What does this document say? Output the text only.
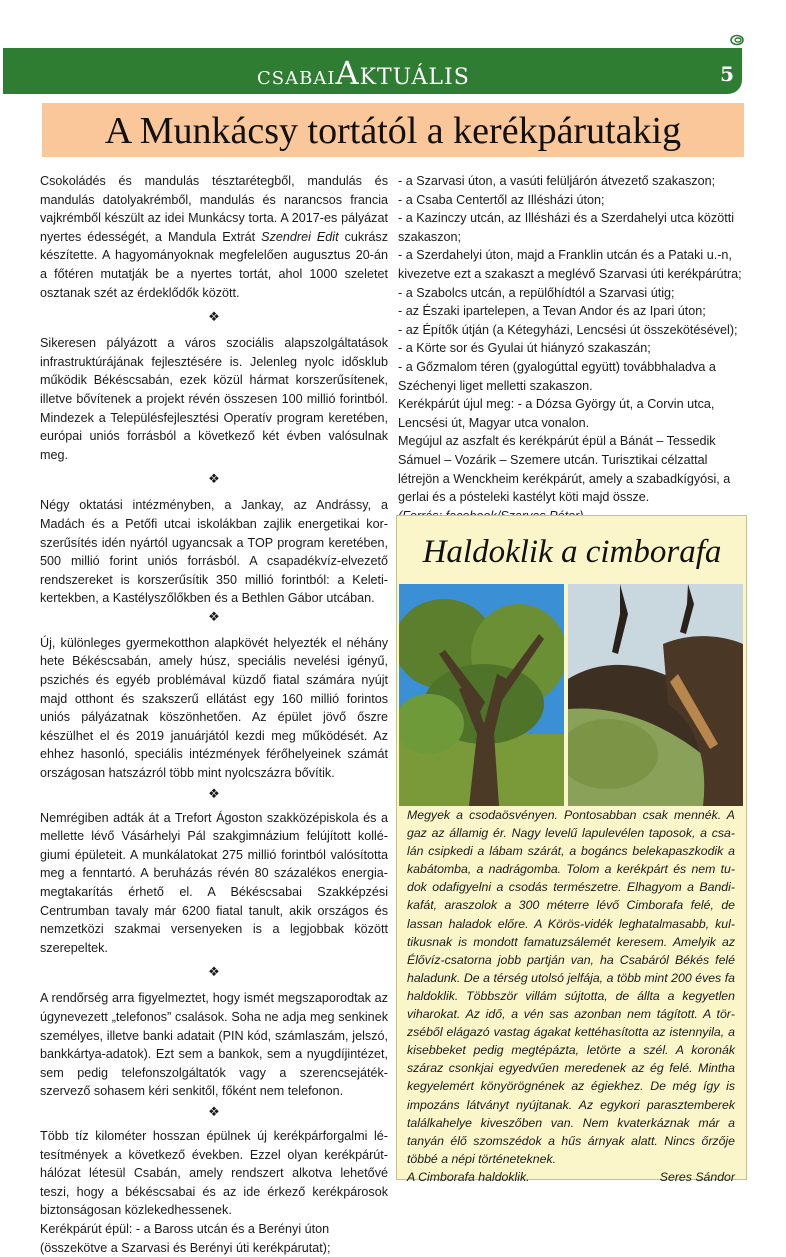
csabaiAktuális	5
A Munkácsy tortától a kerékpárutakig

Csokoládés és mandulás tésztarétegből, mandulás és mandulás datolyakrémből, mandulás és narancsos francia vajkrémből készült az idei Munkácsy torta. A 2017-es pályázat nyertes édességét, a Mandula Extrát Szendrei Edit cukrász készítette. A hagyományoknak megfelelően augusztus 20-án a főtéren mutatják be a nyertes tortát, ahol 1000 szeletet osztanak szét az érdeklődők között.

❖

Sikeresen pályázott a város szociális alapszolgáltatások infrastruktúrájának fejlesztésére is. Jelenleg nyolc idősklub működik Békéscsabán, ezek közül hármat korszerűsítenek, illetve bővítenek a projekt révén összesen 100 millió forintból. Mindezek a Településfejlesztési Operatív program keretében, európai uniós forrásból a következő két évben valósulnak meg.

❖

Négy oktatási intézményben, a Jankay, az Andrássy, a Madách és a Petőfi utcai iskolákban zajlik energetikai korszerűsítés idén nyártól ugyancsak a TOP program keretében, 500 millió forint uniós forrásból. A csapadékvíz-elvezető rendszereket is korszerűsítik 350 millió forintból: a Keletikertekben, a Kastélyszőlőkben és a Bethlen Gábor utcában.

❖

Új, különleges gyermekotthon alapkövét helyezték el néhány hete Békéscsabán, amely húsz, speciális nevelési igényű, pszichés és egyéb problémával küzdő fiatal számára nyújt majd otthont és szakszerű ellátást egy 160 millió forintos uniós pályázatnak köszönhetően. Az épület jövő őszre készülhet el és 2019 januárjától kezdi meg működését. Az ehhez hasonló, speciális intézmények férőhelyeinek számát országosan hatszázról több mint nyolcszázra bővítik.

❖

Nemrégiben adták át a Trefort Ágoston szakközépiskola és a mellette lévő Vásárhelyi Pál szakgimnázium felújított kollégiumi épületeit. A munkálatokat 275 millió forintból valósította meg a fenntartó. A beruházás révén 80 százalékos energia-megtakarítás érhető el. A Békéscsabai Szakképzési Centrumban tavaly már 6200 fiatal tanult, akik országos és nemzetközi szakmai versenyeken is a legjobbak között szerepeltek.

❖

A rendőrség arra figyelmeztet, hogy ismét megszaporodtak az úgynevezett „telefonos” csalások. Soha ne adja meg senkinek személyes, illetve banki adatait (PIN kód, számlaszám, jelszó, bankkártya-adatok). Ezt sem a bankok, sem a nyugdíjintézet, sem pedig telefonszolgáltatók vagy a szerencsejáték-szervező sohasem kéri senkitől, főként nem telefonon.

❖

Több tíz kilométer hosszan épülnek új kerékpárforgalmi létesítmények a következő években. Ezzel olyan kerékpárúthálózat létesül Csabán, amely rendszert alkotva lehetővé teszi, hogy a békéscsabai és az ide érkező kerékpárosok biztonságosan közlekedhessenek.

Kerékpárút épül: - a Baross utcán és a Berényi úton (összekötve a Szarvasi és Berényi úti kerékpárutat);

- a Szarvasi úton, a vasúti felüljárón átvezető szakaszon;

- a Csaba Centertől az Illésházi úton;

- a Kazinczy utcán, az Illésházi és a Szerdahelyi utca közötti szakaszon;

- a Szerdahelyi úton, majd a Franklin utcán és a Pataki u.-n, kivezetve ezt a szakaszt a meglévő Szarvasi úti kerékpárútra;

- a Szabolcs utcán, a repülőhídtól a Szarvasi útig;

- az Északi ipartelepen, a Tevan Andor és az Ipari úton;

- az Építők útján (a Kétegyházi, Lencsési út összekötésével);

- a Körte sor és Gyulai út hiányzó szakaszán;

- a Gőzmalom téren (gyalogúttal együtt) továbbhaladva a Széchenyi liget melletti szakaszon.

Kerékpárút újul meg: - a Dózsa György út, a Corvin utca, Lencsési út, Magyar utca vonalon.

Megújul az aszfalt és kerékpárút épül a Bánát – Tessedik Sámuel – Vozárik – Szemere utcán. Turisztikai célzattal létrejön a Wenckheim kerékpárút, amely a szabadkígyósi, a gerlai és a pósteleki kastélyt köti majd össze.

Haldoklik a cimborafa

Megyek a csodaösvényen. Pontosabban csak mennék. A gaz az államig ér. Nagy levelű lapulevélen taposok, a csalán csipkedi a lábam szárát, a bogáncs belekapaszkodik a kabátomba, a nadrágomba. Tolom a kerékpárt és nem tudok odafigyelni a csodás természetre. Elhagyom a Bandikafát, araszolok a 300 méterre lévő Cimborafa felé, de lassan haladok előre. A Körös-vidék leghatalmasabb, kultikusnak is mondott famatuzsálemét keresem. Amelyik az Élővíz-csatorna jobb partján van, ha Csabáról Békés felé haladunk. De a térség utolsó jelfája, a több mint 200 éves fa haldoklik. Többször villám sújtotta, de állta a kegyetlen viharokat. Az idő, a vén sas azonban nem tágított. A törzséből elágazó vastag ágakat kettéhasította az istennyila, a kisebbeket pedig megtépázta, letörte a szél. A koronák száraz csonkjai egyedvűen meredenek az ég felé. Mintha kegyelemért könyörögnének az égiekhez. De még így is impozáns látványt nyújtanak. Az egykori parasztemberek találkahelye kiveszőben van. Nem kvaterkáznak már a tanyán élő szomszédok a hűs árnyak alatt. Nincs őrzője többé a népi történeteknek.

A Cimborafa haldoklik.	Seres Sándor
